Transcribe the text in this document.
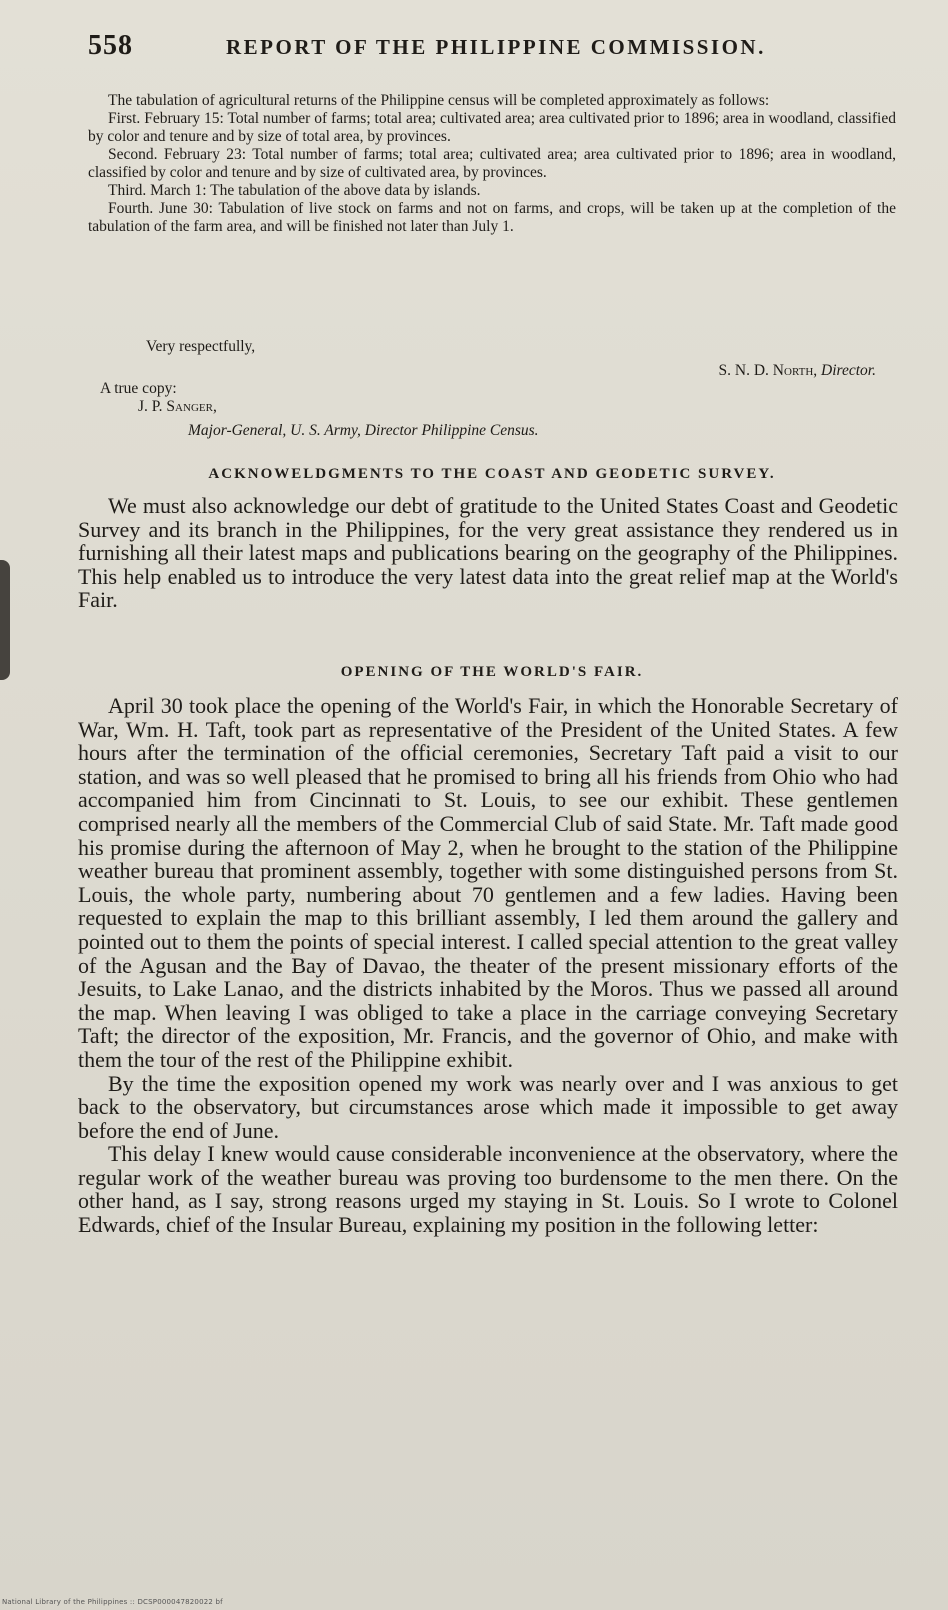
558	REPORT OF THE PHILIPPINE COMMISSION.

The tabulation of agricultural returns of the Philippine census will be completed approximately as follows:

First. February 15: Total number of farms; total area; cultivated area; area cultivated prior to 1896; area in woodland, classified by color and tenure and by size of total area, by provinces.

Second. February 23: Total number of farms; total area; cultivated area; area cultivated prior to 1896; area in woodland, classified by color and tenure and by size of cultivated area, by provinces.

Third. March 1: The tabulation of the above data by islands.

Fourth. June 30: Tabulation of live stock on farms and not on farms, and crops, will be taken up at the completion of the tabulation of the farm area, and will be finished not later than July 1.

Very respectfully,
S. N. D. North, Director.
A true copy:
J. P. Sanger,
Major-General, U. S. Army, Director Philippine Census.
ACKNOWELDGMENTS TO THE COAST AND GEODETIC SURVEY.

We must also acknowledge our debt of gratitude to the United States Coast and Geodetic Survey and its branch in the Philippines, for the very great assistance they rendered us in furnishing all their latest maps and publications bearing on the geography of the Philippines. This help enabled us to introduce the very latest data into the great relief map at the World's Fair.

OPENING OF THE WORLD'S FAIR.

April 30 took place the opening of the World's Fair, in which the Honorable Secretary of War, Wm. H. Taft, took part as representative of the President of the United States. A few hours after the termination of the official ceremonies, Secretary Taft paid a visit to our station, and was so well pleased that he promised to bring all his friends from Ohio who had accompanied him from Cincinnati to St. Louis, to see our exhibit. These gentlemen comprised nearly all the members of the Commercial Club of said State. Mr. Taft made good his promise during the afternoon of May 2, when he brought to the station of the Philippine weather bureau that prominent assembly, together with some distinguished persons from St. Louis, the whole party, numbering about 70 gentlemen and a few ladies. Having been requested to explain the map to this brilliant assembly, I led them around the gallery and pointed out to them the points of special interest. I called special attention to the great valley of the Agusan and the Bay of Davao, the theater of the present missionary efforts of the Jesuits, to Lake Lanao, and the districts inhabited by the Moros. Thus we passed all around the map. When leaving I was obliged to take a place in the carriage conveying Secretary Taft; the director of the exposition, Mr. Francis, and the governor of Ohio, and make with them the tour of the rest of the Philippine exhibit.

By the time the exposition opened my work was nearly over and I was anxious to get back to the observatory, but circumstances arose which made it impossible to get away before the end of June.

This delay I knew would cause considerable inconvenience at the observatory, where the regular work of the weather bureau was proving too burdensome to the men there. On the other hand, as I say, strong reasons urged my staying in St. Louis. So I wrote to Colonel Edwards, chief of the Insular Bureau, explaining my position in the following letter:

National Library of the Philippines :: DCSP000047820022 bf
